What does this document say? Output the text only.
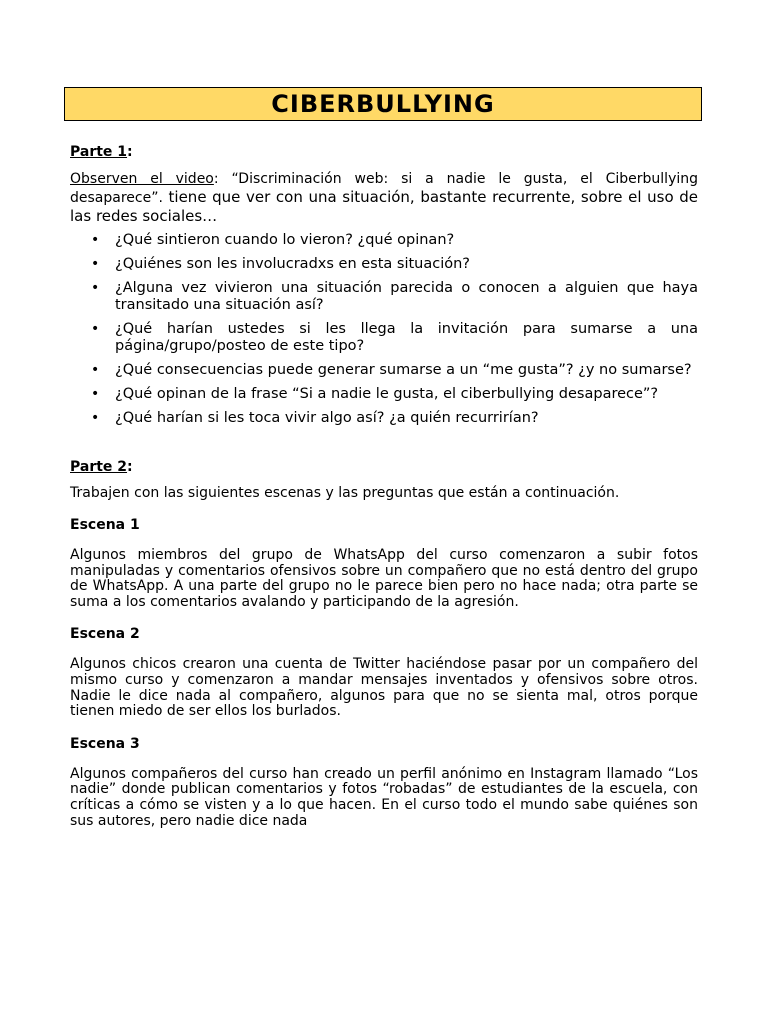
CIBERBULLYING

Parte 1:

Observen el video: “Discriminación web: si a nadie le gusta, el Ciberbullying desaparece”. tiene que ver con una situación, bastante recurrente, sobre el uso de las redes sociales…

• ¿Qué sintieron cuando lo vieron? ¿qué opinan?
• ¿Quiénes son les involucradxs en esta situación?
• ¿Alguna vez vivieron una situación parecida o conocen a alguien que haya transitado una situación así?
• ¿Qué harían ustedes si les llega la invitación para sumarse a una página/grupo/posteo de este tipo?
• ¿Qué consecuencias puede generar sumarse a un “me gusta”? ¿y no sumarse?
• ¿Qué opinan de la frase “Si a nadie le gusta, el ciberbullying desaparece”?
• ¿Qué harían si les toca vivir algo así? ¿a quién recurrirían?

Parte 2:

Trabajen con las siguientes escenas y las preguntas que están a continuación.

Escena 1

Algunos miembros del grupo de WhatsApp del curso comenzaron a subir fotos manipuladas y comentarios ofensivos sobre un compañero que no está dentro del grupo de WhatsApp. A una parte del grupo no le parece bien pero no hace nada; otra parte se suma a los comentarios avalando y participando de la agresión.

Escena 2

Algunos chicos crearon una cuenta de Twitter haciéndose pasar por un compañero del mismo curso y comenzaron a mandar mensajes inventados y ofensivos sobre otros. Nadie le dice nada al compañero, algunos para que no se sienta mal, otros porque tienen miedo de ser ellos los burlados.

Escena 3

Algunos compañeros del curso han creado un perfil anónimo en Instagram llamado “Los nadie” donde publican comentarios y fotos “robadas” de estudiantes de la escuela, con críticas a cómo se visten y a lo que hacen. En el curso todo el mundo sabe quiénes son sus autores, pero nadie dice nada
